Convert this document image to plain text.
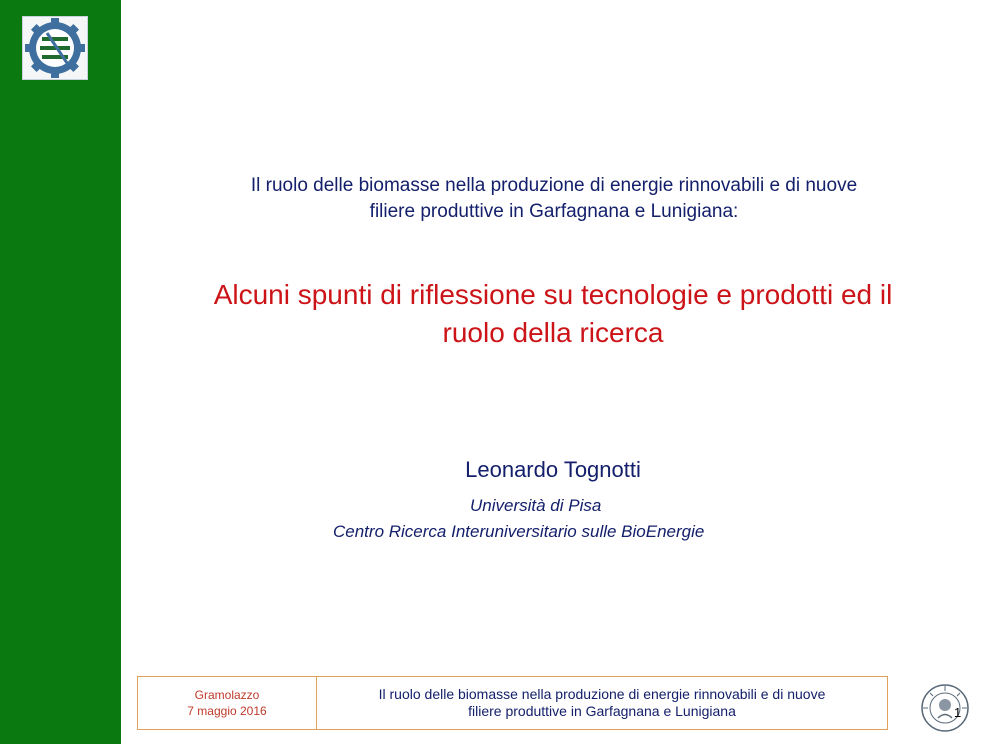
Il ruolo delle biomasse nella produzione di energie rinnovabili e di nuove
filiere produttive in Garfagnana e Lunigiana:
Alcuni spunti di riflessione su tecnologie e prodotti ed il
ruolo della ricerca
Leonardo Tognotti
Università di Pisa
Centro Ricerca Interuniversitario sulle BioEnergie
Gramolazzo
7 maggio 2016
Il ruolo delle biomasse nella produzione di energie rinnovabili e di nuove
filiere produttive in Garfagnana e Lunigiana	1
